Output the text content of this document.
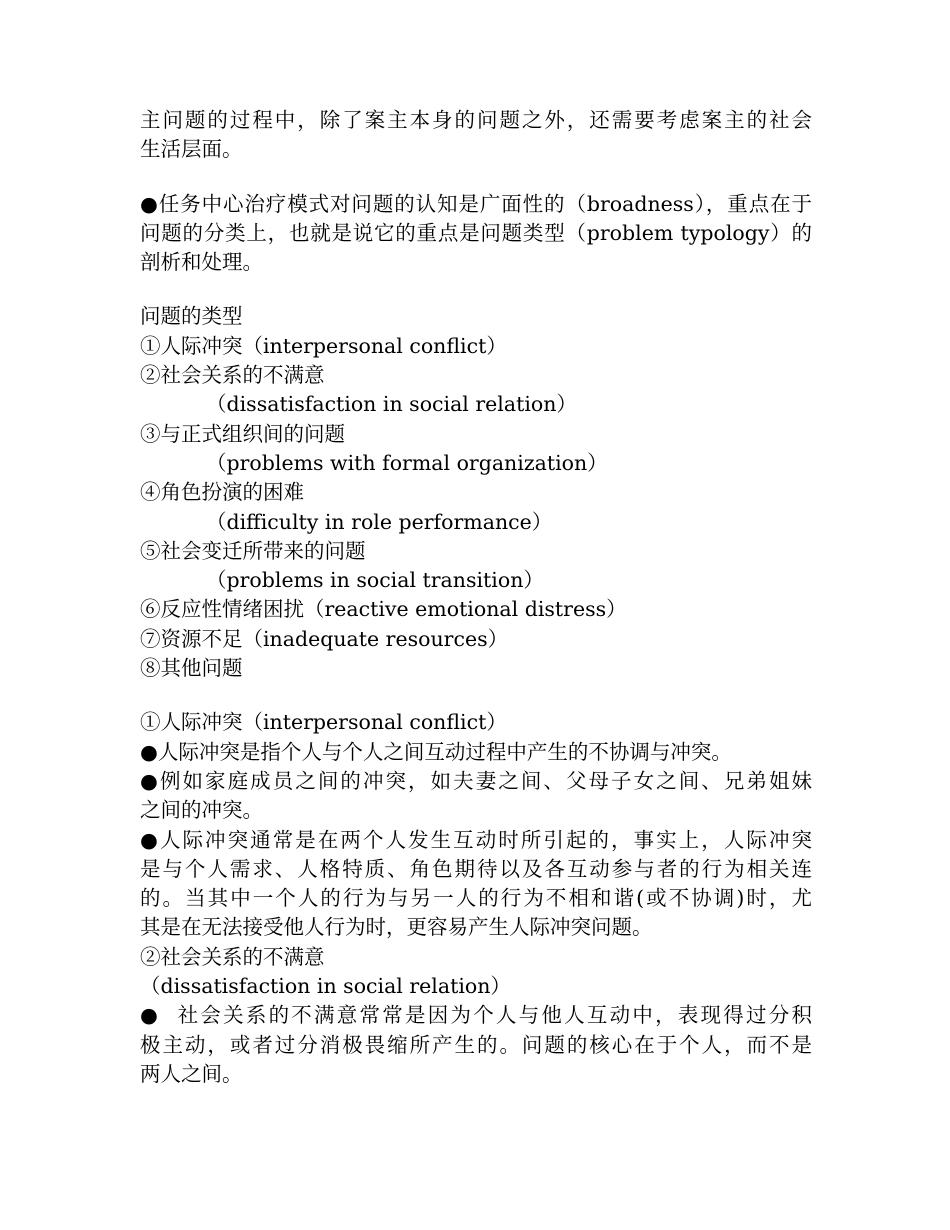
主问题的过程中，除了案主本身的问题之外，还需要考虑案主的社会
生活层面。
●任务中心治疗模式对问题的认知是广面性的（broadness），重点在于
问题的分类上，也就是说它的重点是问题类型（problem typology）的
剖析和处理。
问题的类型
①人际冲突（interpersonal conflict）
②社会关系的不满意
（dissatisfaction in social relation）
③与正式组织间的问题
（problems with formal organization）
④角色扮演的困难
（difficulty in role performance）
⑤社会变迁所带来的问题
（problems in social transition）
⑥反应性情绪困扰（reactive emotional distress）
⑦资源不足（inadequate resources）
⑧其他问题
①人际冲突（interpersonal conflict）
●人际冲突是指个人与个人之间互动过程中产生的不协调与冲突。
●例如家庭成员之间的冲突，如夫妻之间、父母子女之间、兄弟姐妹
之间的冲突。
●人际冲突通常是在两个人发生互动时所引起的，事实上，人际冲突
是与个人需求、人格特质、角色期待以及各互动参与者的行为相关连
的。当其中一个人的行为与另一人的行为不相和谐(或不协调)时，尤
其是在无法接受他人行为时，更容易产生人际冲突问题。
②社会关系的不满意
（dissatisfaction in social relation）
●  社会关系的不满意常常是因为个人与他人互动中，表现得过分积
极主动，或者过分消极畏缩所产生的。问题的核心在于个人，而不是
两人之间。
